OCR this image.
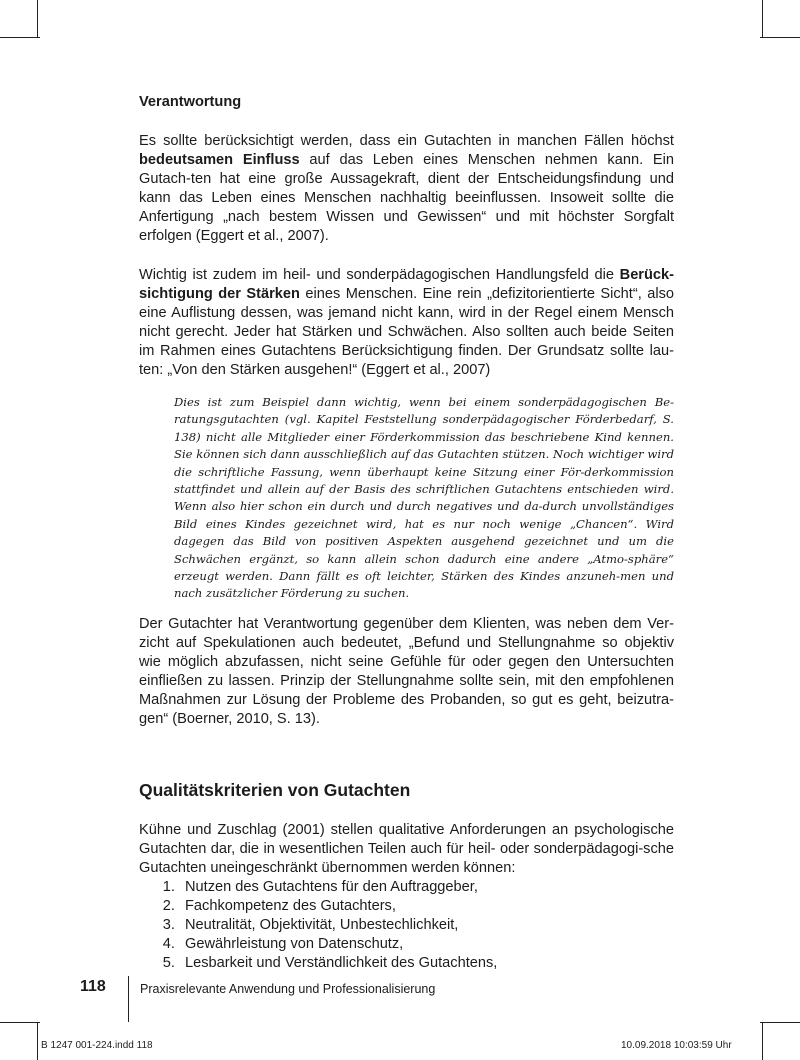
Verantwortung

Es sollte berücksichtigt werden, dass ein Gutachten in manchen Fällen höchst bedeutsamen Einfluss auf das Leben eines Menschen nehmen kann. Ein Gutach-ten hat eine große Aussagekraft, dient der Entscheidungsfindung und kann das Leben eines Menschen nachhaltig beeinflussen. Insoweit sollte die Anfertigung „nach bestem Wissen und Gewissen“ und mit höchster Sorgfalt erfolgen (Eggert et al., 2007).

Wichtig ist zudem im heil- und sonderpädagogischen Handlungsfeld die Berück-sichtigung der Stärken eines Menschen. Eine rein „defizitorientierte Sicht“, also eine Auflistung dessen, was jemand nicht kann, wird in der Regel einem Mensch nicht gerecht. Jeder hat Stärken und Schwächen. Also sollten auch beide Seiten im Rahmen eines Gutachtens Berücksichtigung finden. Der Grundsatz sollte lau-ten: „Von den Stärken ausgehen!“ (Eggert et al., 2007)

Dies ist zum Beispiel dann wichtig, wenn bei einem sonderpädagogischen Be-ratungsgutachten (vgl. Kapitel Feststellung sonderpädagogischer Förderbedarf, S. 138) nicht alle Mitglieder einer Förderkommission das beschriebene Kind kennen. Sie können sich dann ausschließlich auf das Gutachten stützen. Noch wichtiger wird die schriftliche Fassung, wenn überhaupt keine Sitzung einer För-derkommission stattfindet und allein auf der Basis des schriftlichen Gutachtens entschieden wird. Wenn also hier schon ein durch und durch negatives und da-durch unvollständiges Bild eines Kindes gezeichnet wird, hat es nur noch wenige „Chancen“. Wird dagegen das Bild von positiven Aspekten ausgehend gezeichnet und um die Schwächen ergänzt, so kann allein schon dadurch eine andere „Atmo-sphäre“ erzeugt werden. Dann fällt es oft leichter, Stärken des Kindes anzuneh-men und nach zusätzlicher Förderung zu suchen.

Der Gutachter hat Verantwortung gegenüber dem Klienten, was neben dem Ver-zicht auf Spekulationen auch bedeutet, „Befund und Stellungnahme so objektiv wie möglich abzufassen, nicht seine Gefühle für oder gegen den Untersuchten einfließen zu lassen. Prinzip der Stellungnahme sollte sein, mit den empfohlenen Maßnahmen zur Lösung der Probleme des Probanden, so gut es geht, beizutra-gen“ (Boerner, 2010, S. 13).

Qualitätskriterien von Gutachten

Kühne und Zuschlag (2001) stellen qualitative Anforderungen an psychologische Gutachten dar, die in wesentlichen Teilen auch für heil- oder sonderpädagogi-sche Gutachten uneingeschränkt übernommen werden können:

1. Nutzen des Gutachtens für den Auftraggeber,
2. Fachkompetenz des Gutachters,
3. Neutralität, Objektivität, Unbestechlichkeit,
4. Gewährleistung von Datenschutz,
5. Lesbarkeit und Verständlichkeit des Gutachtens,
118	Praxisrelevante Anwendung und Professionalisierung
B 1247 001-224.indd 118	10.09.2018 10:03:59 Uhr
